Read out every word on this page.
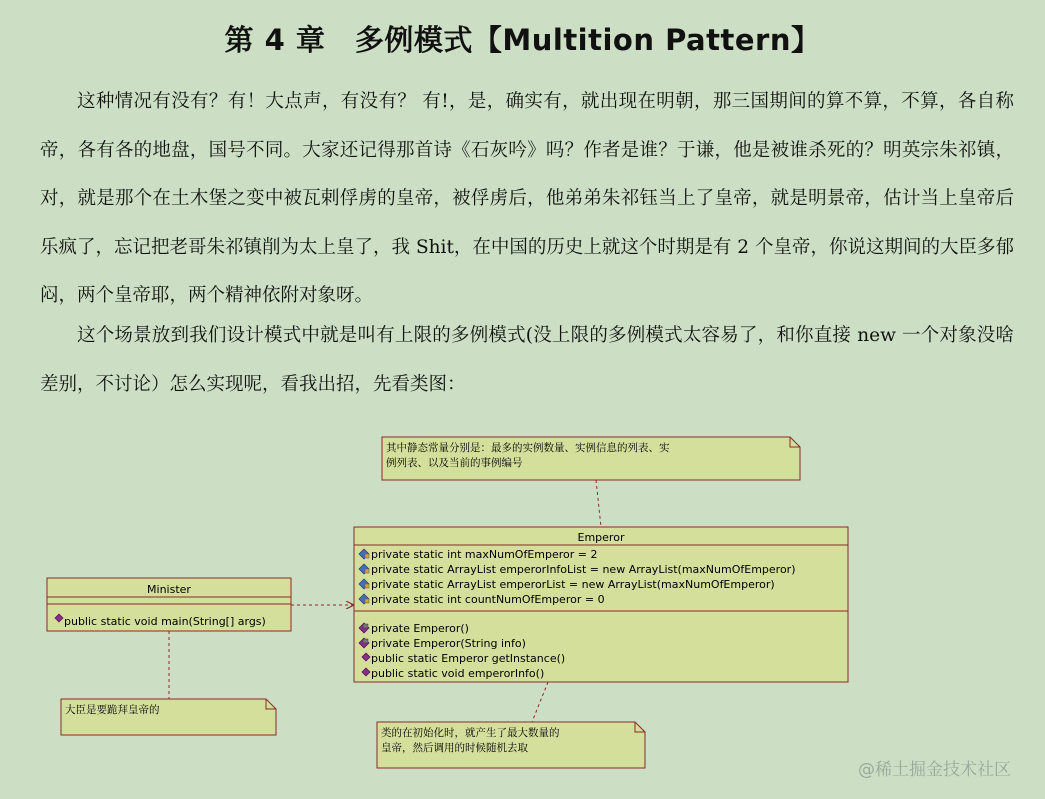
第 4 章　多例模式【Multition Pattern】

这种情况有没有？有！大点声，有没有？ 有!，是，确实有，就出现在明朝，那三国期间的算不算，不算，各自称帝，各有各的地盘，国号不同。大家还记得那首诗《石灰吟》吗？作者是谁？于谦，他是被谁杀死的？明英宗朱祁镇，对，就是那个在土木堡之变中被瓦剌俘虏的皇帝，被俘虏后，他弟弟朱祁钰当上了皇帝，就是明景帝，估计当上皇帝后乐疯了，忘记把老哥朱祁镇削为太上皇了，我 Shit，在中国的历史上就这个时期是有 2 个皇帝，你说这期间的大臣多郁闷，两个皇帝耶，两个精神依附对象呀。

这个场景放到我们设计模式中就是叫有上限的多例模式(没上限的多例模式太容易了，和你直接 new 一个对象没啥差别，不讨论）怎么实现呢，看我出招，先看类图：

其中静态常量分别是：最多的实例数量、实例信息的列表、实
例列表、以及当前的事例编号
Emperor
private static int maxNumOfEmperor = 2
private static ArrayList emperorInfoList = new ArrayList(maxNumOfEmperor)
private static ArrayList emperorList = new ArrayList(maxNumOfEmperor)
private static int countNumOfEmperor = 0
private Emperor()
private Emperor(String info)
public static Emperor getInstance()
public static void emperorInfo()
Minister
public static void main(String[] args)
大臣是要跪拜皇帝的
类的在初始化时，就产生了最大数量的
皇帝，然后调用的时候随机去取
@稀土掘金技术社区
